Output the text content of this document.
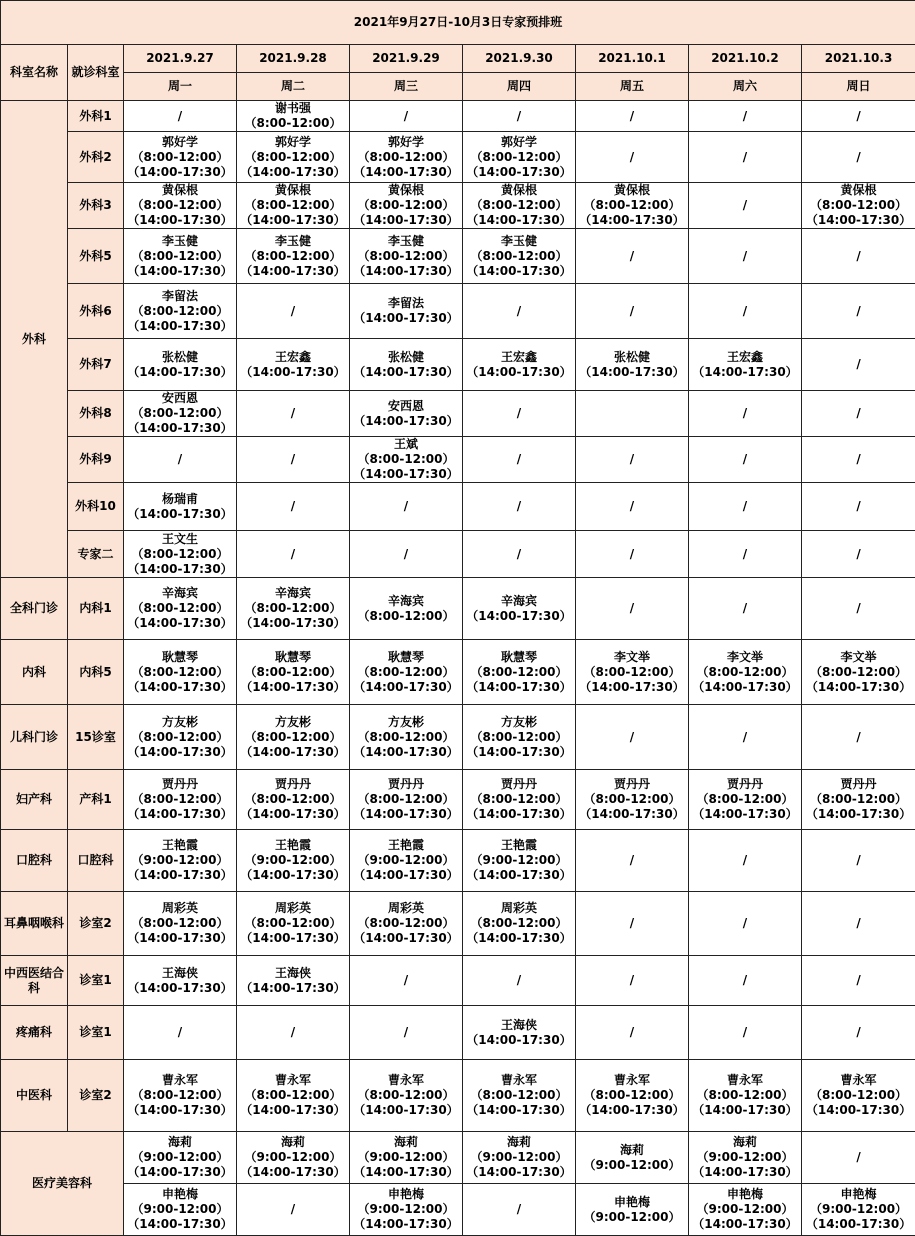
2021年9月27日-10月3日专家预排班								
科室名称	就诊科室	2021.9.27	2021.9.28	2021.9.29	2021.9.30	2021.10.1	2021.10.2	2021.10.3
		周一	周二	周三	周四	周五	周六	周日
外科	外科1	/	谢书强
（8:00-12:00）	/	/	/	/	/

	外科2	郭好学
（8:00-12:00）
（14:00-17:30）	郭好学
（8:00-12:00）
（14:00-17:30）	郭好学
（8:00-12:00）
（14:00-17:30）	郭好学
（8:00-12:00）
（14:00-17:30）	/	/	/

	外科3	黄保根
（8:00-12:00）
（14:00-17:30）	黄保根
（8:00-12:00）
（14:00-17:30）	黄保根
（8:00-12:00）
（14:00-17:30）	黄保根
（8:00-12:00）
（14:00-17:30）	黄保根
（8:00-12:00）
（14:00-17:30）	/	黄保根
（8:00-12:00）
（14:00-17:30）

	外科5	李玉健
（8:00-12:00）
（14:00-17:30）	李玉健
（8:00-12:00）
（14:00-17:30）	李玉健
（8:00-12:00）
（14:00-17:30）	李玉健
（8:00-12:00）
（14:00-17:30）	/	/	/

	外科6	李留法
（8:00-12:00）
（14:00-17:30）	/	李留法
（14:00-17:30）	/	/	/	/

	外科7	张松健
（14:00-17:30）	王宏鑫
（14:00-17:30）	张松健
（14:00-17:30）	王宏鑫
（14:00-17:30）	张松健
（14:00-17:30）	王宏鑫
（14:00-17:30）	/

	外科8	安西恩
（8:00-12:00）
（14:00-17:30）	/	安西恩
（14:00-17:30）	/		/	/

	外科9	/	/	王斌
（8:00-12:00）
（14:00-17:30）	/	/	/	/

	外科10	杨瑞甫
（14:00-17:30）	/	/	/	/	/	/

	专家二	王文生
（8:00-12:00）
（14:00-17:30）	/	/	/	/	/	/

全科门诊	内科1	辛海宾
（8:00-12:00）
（14:00-17:30）	辛海宾
（8:00-12:00）
（14:00-17:30）	辛海宾
（8:00-12:00）	辛海宾
（14:00-17:30）	/	/	/

内科	内科5	耿慧琴
（8:00-12:00）
（14:00-17:30）	耿慧琴
（8:00-12:00）
（14:00-17:30）	耿慧琴
（8:00-12:00）
（14:00-17:30）	耿慧琴
（8:00-12:00）
（14:00-17:30）	李文举
（8:00-12:00）
（14:00-17:30）	李文举
（8:00-12:00）
（14:00-17:30）	李文举
（8:00-12:00）
（14:00-17:30）

儿科门诊	15诊室	方友彬
（8:00-12:00）
（14:00-17:30）	方友彬
（8:00-12:00）
（14:00-17:30）	方友彬
（8:00-12:00）
（14:00-17:30）	方友彬
（8:00-12:00）
（14:00-17:30）	/	/	/

妇产科	产科1	贾丹丹
（8:00-12:00）
（14:00-17:30）	贾丹丹
（8:00-12:00）
（14:00-17:30）	贾丹丹
（8:00-12:00）
（14:00-17:30）	贾丹丹
（8:00-12:00）
（14:00-17:30）	贾丹丹
（8:00-12:00）
（14:00-17:30）	贾丹丹
（8:00-12:00）
（14:00-17:30）	贾丹丹
（8:00-12:00）
（14:00-17:30）

口腔科	口腔科	王艳霞
（9:00-12:00）
（14:00-17:30）	王艳霞
（9:00-12:00）
（14:00-17:30）	王艳霞
（9:00-12:00）
（14:00-17:30）	王艳霞
（9:00-12:00）
（14:00-17:30）	/	/	/

耳鼻咽喉科	诊室2	周彩英
（8:00-12:00）
（14:00-17:30）	周彩英
（8:00-12:00）
（14:00-17:30）	周彩英
（8:00-12:00）
（14:00-17:30）	周彩英
（8:00-12:00）
（14:00-17:30）	/	/	/

中西医结合科	诊室1	王海侠
（14:00-17:30）	王海侠
（14:00-17:30）	/	/	/	/	/

疼痛科	诊室1	/	/	/	王海侠
（14:00-17:30）	/	/	/

中医科	诊室2	曹永军
（8:00-12:00）
（14:00-17:30）	曹永军
（8:00-12:00）
（14:00-17:30）	曹永军
（8:00-12:00）
（14:00-17:30）	曹永军
（8:00-12:00）
（14:00-17:30）	曹永军
（8:00-12:00）
（14:00-17:30）	曹永军
（8:00-12:00）
（14:00-17:30）	曹永军
（8:00-12:00）
（14:00-17:30）

医疗美容科		海莉
（9:00-12:00）
（14:00-17:30）	海莉
（9:00-12:00）
（14:00-17:30）	海莉
（9:00-12:00）
（14:00-17:30）	海莉
（9:00-12:00）
（14:00-17:30）	海莉
（9:00-12:00）	海莉
（9:00-12:00）
（14:00-17:30）	/

		申艳梅
（9:00-12:00）
（14:00-17:30）	/	申艳梅
（9:00-12:00）
（14:00-17:30）	/	申艳梅
（9:00-12:00）	申艳梅
（9:00-12:00）
（14:00-17:30）	申艳梅
（9:00-12:00）
（14:00-17:30）
